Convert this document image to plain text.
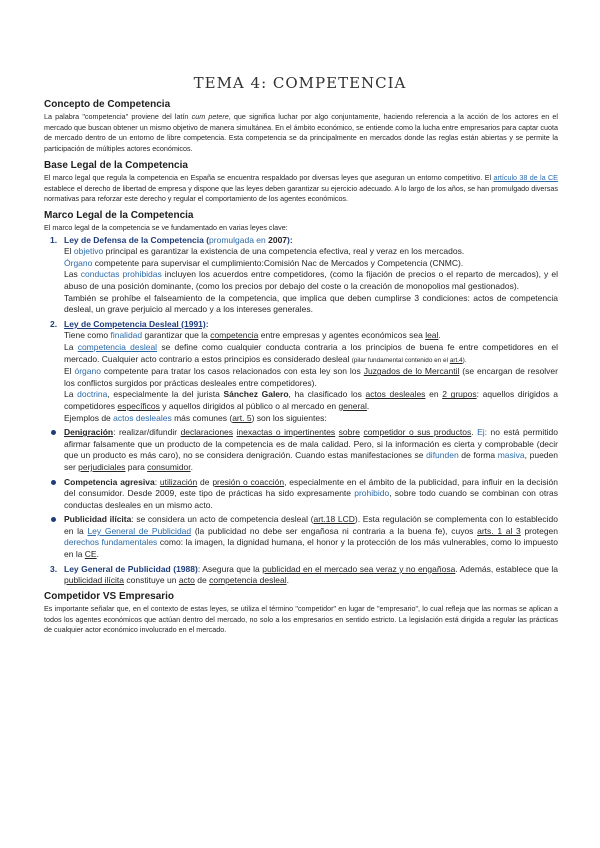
TEMA 4: COMPETENCIA
Concepto de Competencia

La palabra "competencia" proviene del latín cum petere, que significa luchar por algo conjuntamente, haciendo referencia a la acción de los actores en el mercado que buscan obtener un mismo objetivo de manera simultánea. En el ámbito económico, se entiende como la lucha entre empresarios para captar cuota de mercado dentro de un entorno de libre competencia. Esta competencia se da principalmente en mercados donde las reglas están abiertas y se permite la participación de múltiples actores económicos.

Base Legal de la Competencia

El marco legal que regula la competencia en España se encuentra respaldado por diversas leyes que aseguran un entorno competitivo. El artículo 38 de la CE establece el derecho de libertad de empresa y dispone que las leyes deben garantizar su ejercicio adecuado. A lo largo de los años, se han promulgado diversas normativas para reforzar este derecho y regular el comportamiento de los agentes económicos.

Marco Legal de la Competencia

El marco legal de la competencia se ve fundamentado en varias leyes clave:

1. Ley de Defensa de la Competencia (promulgada en 2007):

El objetivo principal es garantizar la existencia de una competencia efectiva, real y veraz en los mercados.

Órgano competente para supervisar el cumplimiento:Comisión Nac de Mercados y Competencia (CNMC).

Las conductas prohibidas incluyen los acuerdos entre competidores, (como la fijación de precios o el reparto de mercados), y el abuso de una posición dominante, (como los precios por debajo del coste o la creación de monopolios mal gestionados).

También se prohíbe el falseamiento de la competencia, que implica que deben cumplirse 3 condiciones: actos de competencia desleal, un grave perjuicio al mercado y a los intereses generales.

2. Ley de Competencia Desleal (1991):

Tiene como finalidad garantizar que la competencia entre empresas y agentes económicos sea leal.

La competencia desleal se define como cualquier conducta contraria a los principios de buena fe entre competidores en el mercado. Cualquier acto contrario a estos principios es considerado desleal (pilar fundamental contenido en el art.4).

El órgano competente para tratar los casos relacionados con esta ley son los Juzgados de lo Mercantil (se encargan de resolver los conflictos surgidos por prácticas desleales entre competidores).

La doctrina, especialmente la del jurista Sánchez Galero, ha clasificado los actos desleales en 2 grupos: aquellos dirigidos a competidores específicos y aquellos dirigidos al público o al mercado en general.

Ejemplos de actos desleales más comunes (art. 5) son los siguientes:

Denigración: realizar/difundir declaraciones inexactas o impertinentes sobre competidor o sus productos. Ej: no está permitido afirmar falsamente que un producto de la competencia es de mala calidad. Pero, si la información es cierta y comprobable (decir que un producto es más caro), no se considera denigración. Cuando estas manifestaciones se difunden de forma masiva, pueden ser perjudiciales para consumidor.

Competencia agresiva: utilización de presión o coacción, especialmente en el ámbito de la publicidad, para influir en la decisión del consumidor. Desde 2009, este tipo de prácticas ha sido expresamente prohibido, sobre todo cuando se combinan con otras conductas desleales en un mismo acto.

Publicidad ilícita: se considera un acto de competencia desleal (art.18 LCD). Esta regulación se complementa con lo establecido en la Ley General de Publicidad (la publicidad no debe ser engañosa ni contraria a la buena fe), cuyos arts. 1 al 3 protegen derechos fundamentales como: la imagen, la dignidad humana, el honor y la protección de los más vulnerables, como lo impuesto en la CE.

3. Ley General de Publicidad (1988): Asegura que la publicidad en el mercado sea veraz y no engañosa. Además, establece que la publicidad ilícita constituye un acto de competencia desleal.

Competidor VS Empresario

Es importante señalar que, en el contexto de estas leyes, se utiliza el término "competidor" en lugar de "empresario", lo cual refleja que las normas se aplican a todos los agentes económicos que actúan dentro del mercado, no solo a los empresarios en sentido estricto. La legislación está dirigida a regular las prácticas de cualquier actor económico involucrado en el mercado.
